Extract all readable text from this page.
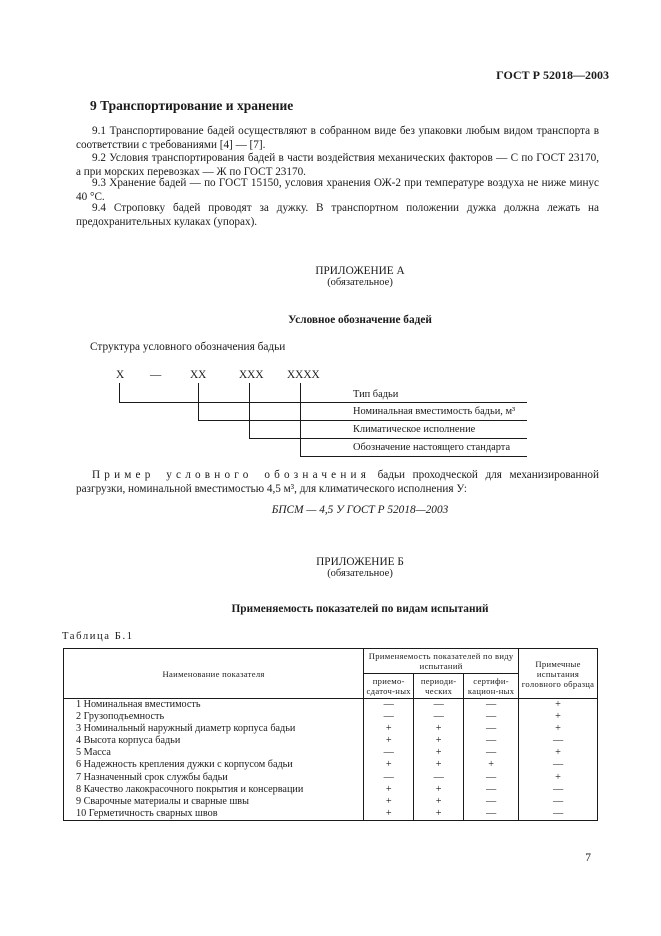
ГОСТ Р 52018—2003
9 Транспортирование и хранение
9.1 Транспортирование бадей осуществляют в собранном виде без упаковки любым видом транспорта в соответствии с требованиями [4] — [7].
9.2 Условия транспортирования бадей в части воздействия механических факторов — С по ГОСТ 23170, а при морских перевозках — Ж по ГОСТ 23170.
9.3 Хранение бадей — по ГОСТ 15150, условия хранения ОЖ-2 при температуре воздуха не ниже минус 40 °С.
9.4 Строповку бадей проводят за дужку. В транспортном положении дужка должна лежать на предохранительных кулаках (упорах).
ПРИЛОЖЕНИЕ А
(обязательное)
Условное обозначение бадей
Структура условного обозначения бадьи
Х —	ХХ	ХХХ ХХХХ
Тип бадьи
Номинальная вместимость бадьи, м³
Климатическое исполнение
Обозначение настоящего стандарта
Пример условного обозначения бадьи проходческой для механизированной разгрузки, номинальной вместимостью 4,5 м³, для климатического исполнения У:
БПСМ — 4,5 У ГОСТ Р 52018—2003
ПРИЛОЖЕНИЕ Б
(обязательное)
Применяемость показателей по видам испытаний
Таблица Б.1
Наименование показателя	Применяемость показателей по виду испытаний			Примечные испытания головного образца
	приемо-сдаточ-ных	периоди-ческих	сертифи-кацион-ных	
1 Номинальная вместимость	—	—	—	+
2 Грузоподъемность	—	—	—	+
3 Номинальный наружный диаметр корпуса бадьи	+	+	—	+
4 Высота корпуса бадьи	+	+	—	—
5 Масса	—	+	—	+
6 Надежность крепления дужки с корпусом бадьи	+	+	+	—
7 Назначенный срок службы бадьи	—	—	—	+
8 Качество лакокрасочного покрытия и консервации	+	+	—	—
9 Сварочные материалы и сварные швы	+	+	—	—
10 Герметичность сварных швов	+	+	—	—
7
